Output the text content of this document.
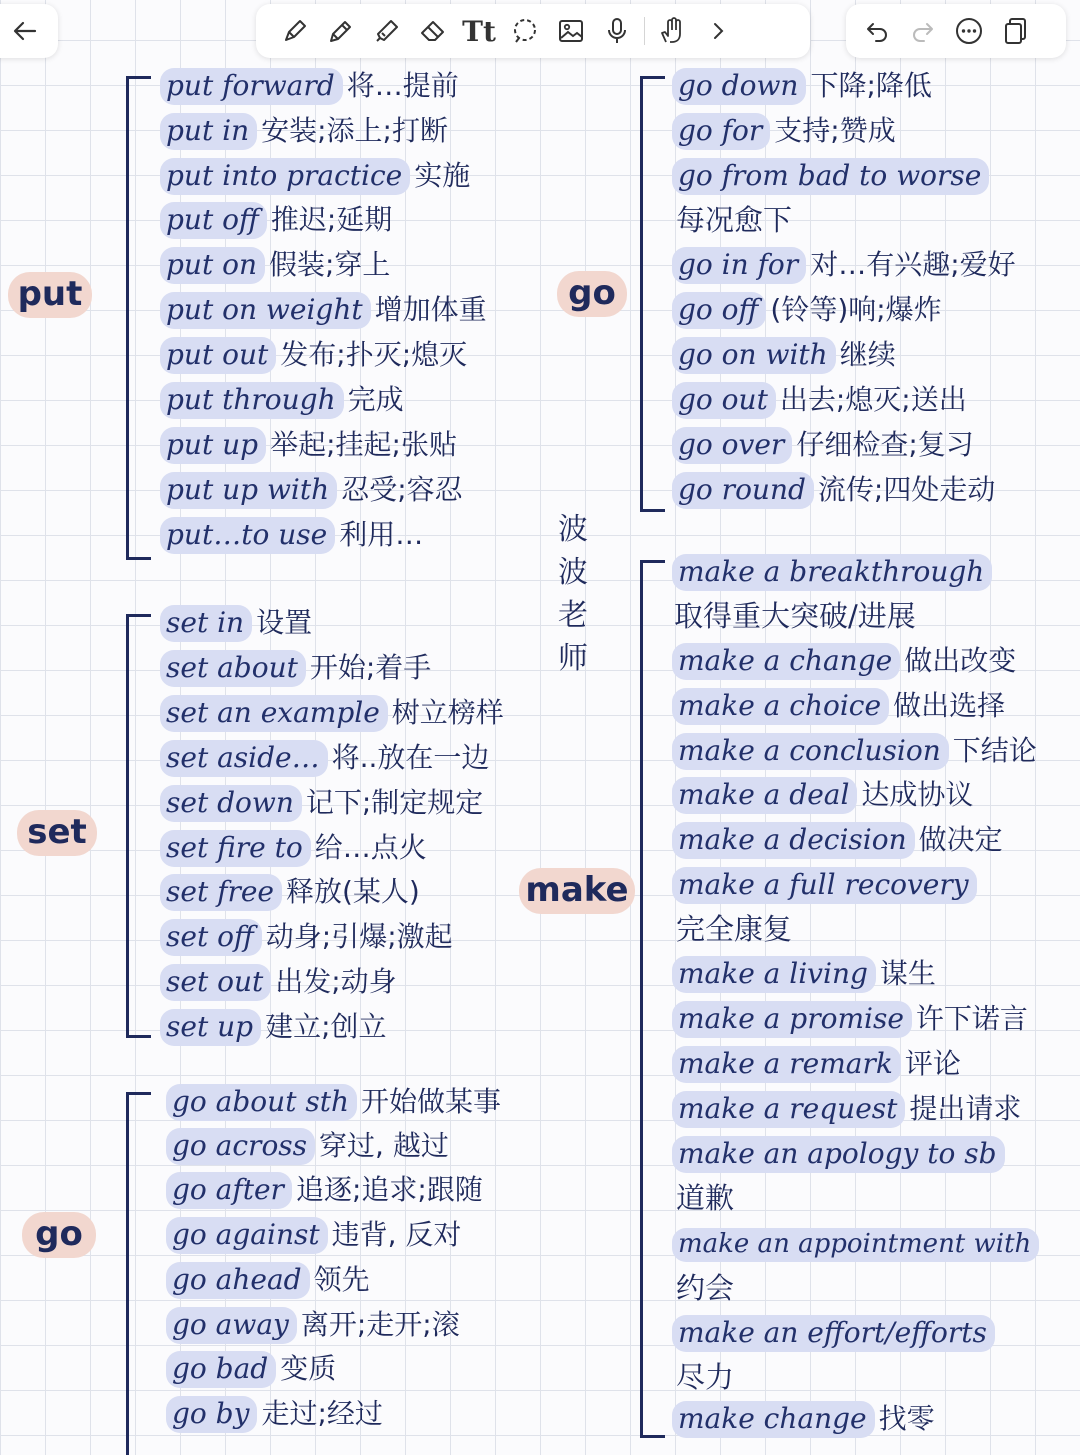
Tt
put
set
go
go
make
波
波
老
师
put forward 将…提前
put in 安装;添上;打断
put into practice 实施
put off 推迟;延期
put on 假装;穿上
put on weight 增加体重
put out 发布;扑灭;熄灭
put through 完成
put up 举起;挂起;张贴
put up with 忍受;容忍
put…to use 利用…
set in 设置
set about 开始;着手
set an example 树立榜样
set aside… 将..放在一边
set down 记下;制定规定
set fire to 给…点火
set free 释放(某人)
set off 动身;引爆;激起
set out 出发;动身
set up 建立;创立
go about sth 开始做某事
go across 穿过, 越过
go after 追逐;追求;跟随
go against 违背, 反对
go ahead 领先
go away 离开;走开;滚
go bad 变质
go by 走过;经过
go down 下降;降低
go for 支持;赞成
go from bad to worse
每况愈下
go in for 对…有兴趣;爱好
go off (铃等)响;爆炸
go on with 继续
go out 出去;熄灭;送出
go over 仔细检查;复习
go round 流传;四处走动
make a breakthrough
取得重大突破/进展
make a change 做出改变
make a choice 做出选择
make a conclusion 下结论
make a deal 达成协议
make a decision 做决定
make a full recovery
完全康复
make a living 谋生
make a promise 许下诺言
make a remark 评论
make a request 提出请求
make an apology to sb
道歉
make an appointment with
约会
make an effort/efforts
尽力
make change 找零
